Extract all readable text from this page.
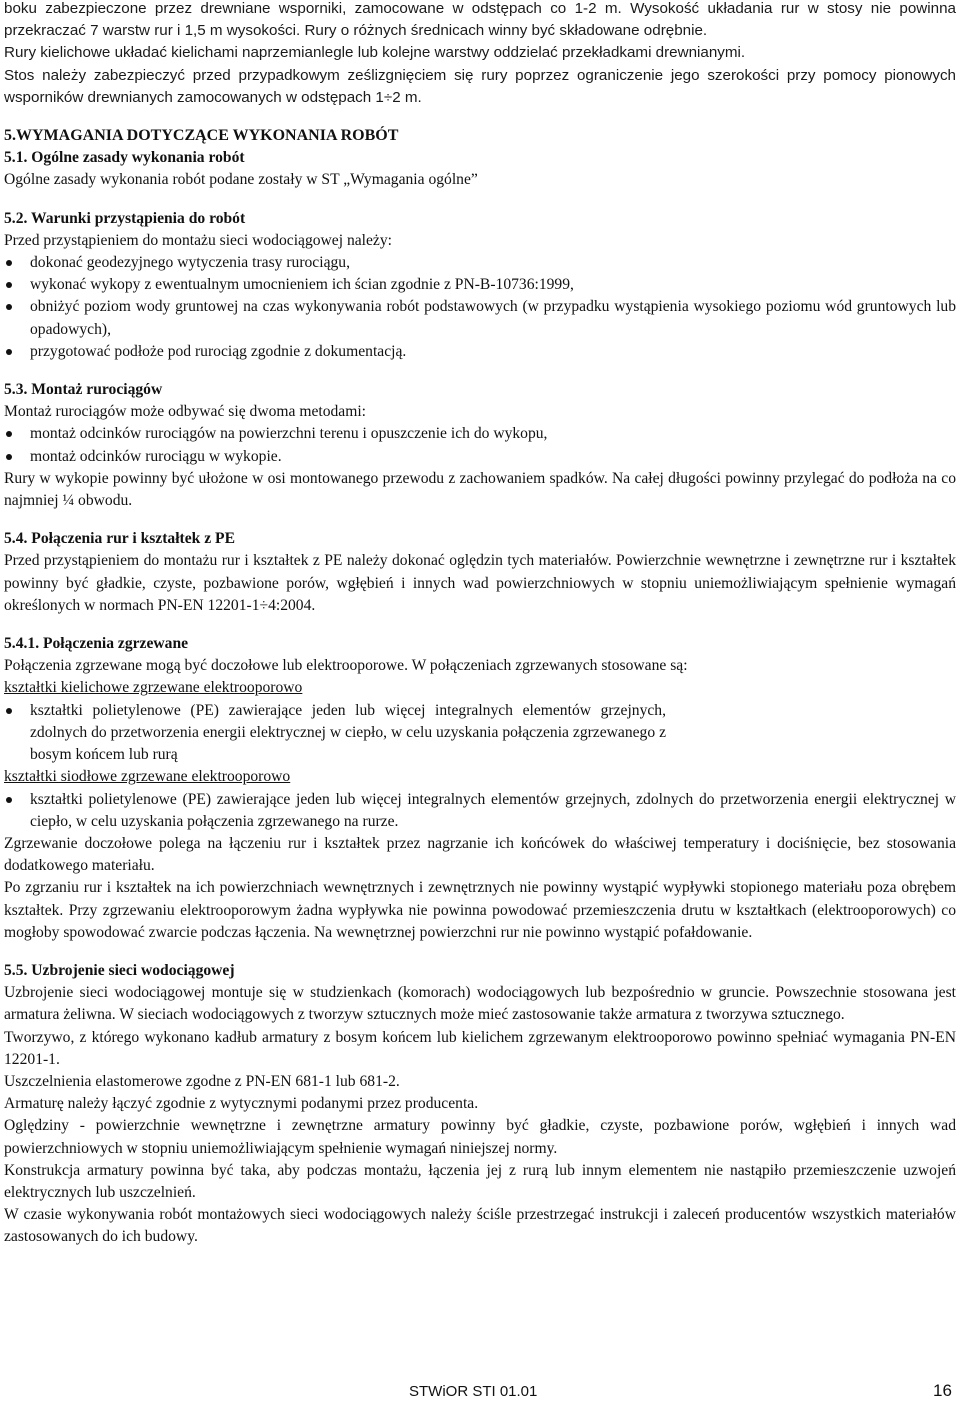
boku zabezpieczone przez drewniane wsporniki, zamocowane w odstępach co 1-2 m. Wysokość układania rur w stosy nie powinna przekraczać 7 warstw rur i 1,5 m wysokości. Rury o różnych średnicach winny być składowane odrębnie.

Rury kielichowe układać kielichami naprzemianlegle lub kolejne warstwy oddzielać przekładkami drewnianymi.

Stos należy zabezpieczyć przed przypadkowym ześlizgnięciem się rury poprzez ograniczenie jego szerokości przy pomocy pionowych wsporników drewnianych zamocowanych w odstępach 1÷2 m.

5.WYMAGANIA DOTYCZĄCE WYKONANIA ROBÓT

5.1. Ogólne zasady wykonania robót

Ogólne zasady wykonania robót podane zostały w ST „Wymagania ogólne”

5.2. Warunki przystąpienia do robót

Przed przystąpieniem do montażu sieci wodociągowej należy:

dokonać geodezyjnego wytyczenia trasy rurociągu,
wykonać wykopy z ewentualnym umocnieniem ich ścian zgodnie z PN-B-10736:1999,
obniżyć poziom wody gruntowej na czas wykonywania robót podstawowych (w przypadku wystąpienia wysokiego poziomu wód gruntowych lub opadowych),
przygotować podłoże pod rurociąg zgodnie z dokumentacją.

5.3. Montaż rurociągów

Montaż rurociągów może odbywać się dwoma metodami:

montaż odcinków rurociągów na powierzchni terenu i opuszczenie ich do wykopu,
montaż odcinków rurociągu w wykopie.

Rury w wykopie powinny być ułożone w osi montowanego przewodu z zachowaniem spadków. Na całej długości powinny przylegać do podłoża na co najmniej ¼ obwodu.

5.4. Połączenia rur i kształtek z PE

Przed przystąpieniem do montażu rur i kształtek z PE należy dokonać oględzin tych materiałów. Powierzchnie wewnętrzne i zewnętrzne rur i kształtek powinny być gładkie, czyste, pozbawione porów, wgłębień i innych wad powierzchniowych w stopniu uniemożliwiającym spełnienie wymagań określonych w normach PN-EN 12201-1÷4:2004.

5.4.1. Połączenia zgrzewane

Połączenia zgrzewane mogą być doczołowe lub elektrooporowe. W połączeniach zgrzewanych stosowane są:

kształtki kielichowe zgrzewane elektrooporowo

kształtki polietylenowe (PE) zawierające jeden lub więcej integralnych elementów grzejnych, zdolnych do przetworzenia energii elektrycznej w ciepło, w celu uzyskania połączenia zgrzewanego z bosym końcem lub rurą

kształtki siodłowe zgrzewane elektrooporowo

kształtki polietylenowe (PE) zawierające jeden lub więcej integralnych elementów grzejnych, zdolnych do przetworzenia energii elektrycznej w ciepło, w celu uzyskania połączenia zgrzewanego na rurze.

Zgrzewanie doczołowe polega na łączeniu rur i kształtek przez nagrzanie ich końcówek do właściwej temperatury i dociśnięcie, bez stosowania dodatkowego materiału.

Po zgrzaniu rur i kształtek na ich powierzchniach wewnętrznych i zewnętrznych nie powinny wystąpić wypływki stopionego materiału poza obrębem kształtek. Przy zgrzewaniu elektrooporowym żadna wypływka nie powinna powodować przemieszczenia drutu w kształtkach (elektrooporowych) co mogłoby spowodować zwarcie podczas łączenia. Na wewnętrznej powierzchni rur nie powinno wystąpić pofałdowanie.

5.5. Uzbrojenie sieci wodociągowej

Uzbrojenie sieci wodociągowej montuje się w studzienkach (komorach) wodociągowych lub bezpośrednio w gruncie. Powszechnie stosowana jest armatura żeliwna. W sieciach wodociągowych z tworzyw sztucznych może mieć zastosowanie także armatura z tworzywa sztucznego.

Tworzywo, z którego wykonano kadłub armatury z bosym końcem lub kielichem zgrzewanym elektrooporowo powinno spełniać wymagania PN-EN 12201-1.

Uszczelnienia elastomerowe zgodne z PN-EN 681-1 lub 681-2.

Armaturę należy łączyć zgodnie z wytycznymi podanymi przez producenta.

Oględziny - powierzchnie wewnętrzne i zewnętrzne armatury powinny być gładkie, czyste, pozbawione porów, wgłębień i innych wad powierzchniowych w stopniu uniemożliwiającym spełnienie wymagań niniejszej normy.

Konstrukcja armatury powinna być taka, aby podczas montażu, łączenia jej z rurą lub innym elementem nie nastąpiło przemieszczenie uzwojeń elektrycznych lub uszczelnień.

W czasie wykonywania robót montażowych sieci wodociągowych należy ściśle przestrzegać instrukcji i zaleceń producentów wszystkich materiałów zastosowanych do ich budowy.

STWiOR STI 01.01	16
